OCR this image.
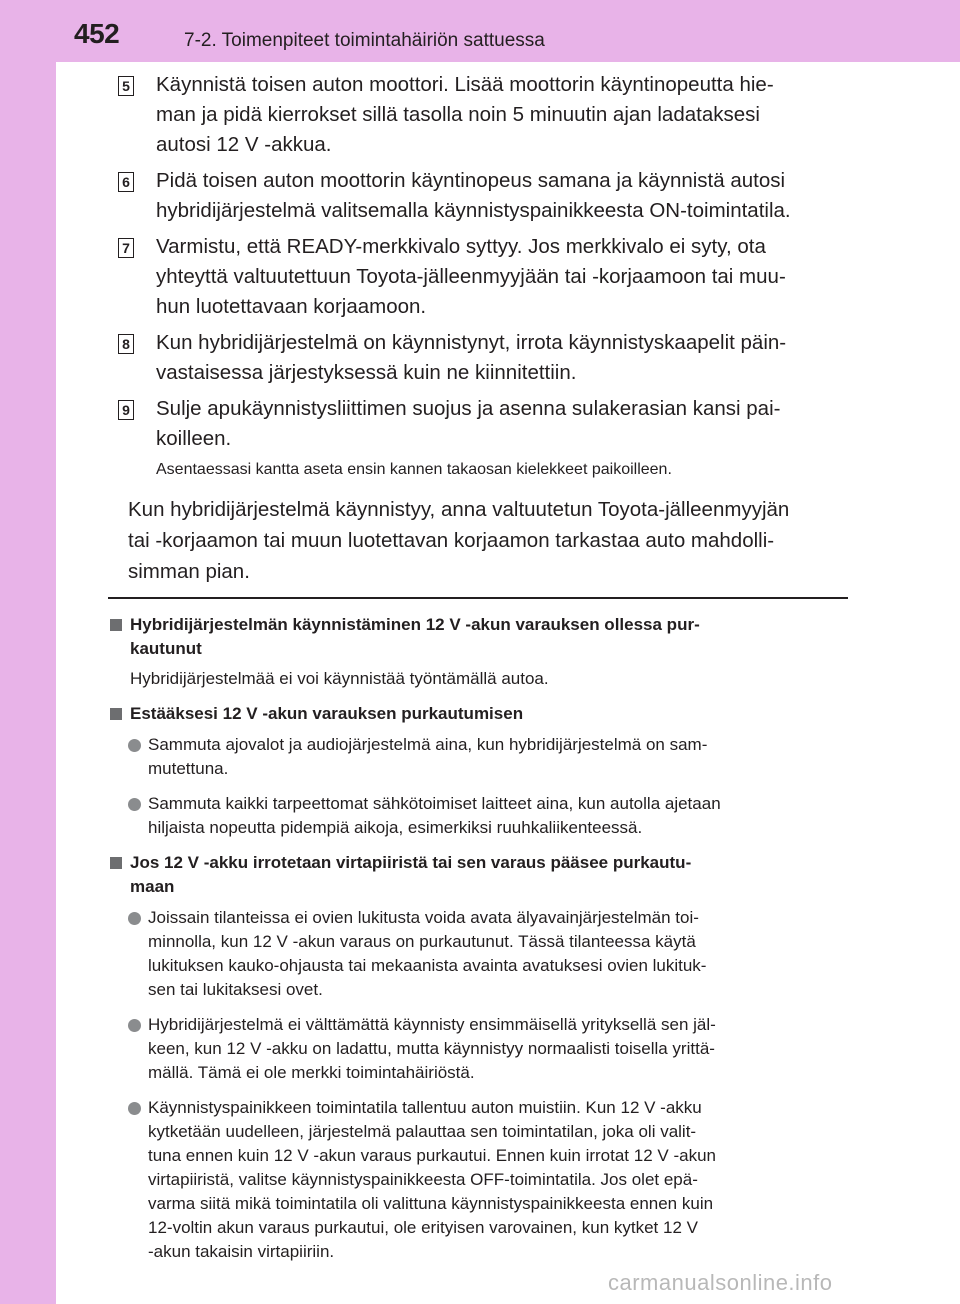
452	7-2. Toimenpiteet toimintahäiriön sattuessa
5 Käynnistä toisen auton moottori. Lisää moottorin käyntinopeutta hie-
man ja pidä kierrokset sillä tasolla noin 5 minuutin ajan ladataksesi
autosi 12 V -akkua.
6 Pidä toisen auton moottorin käyntinopeus samana ja käynnistä autosi
hybridijärjestelmä valitsemalla käynnistyspainikkeesta ON-toimintatila.
7 Varmistu, että READY-merkkivalo syttyy. Jos merkkivalo ei syty, ota
yhteyttä valtuutettuun Toyota-jälleenmyyjään tai -korjaamoon tai muu-
hun luotettavaan korjaamoon.
8 Kun hybridijärjestelmä on käynnistynyt, irrota käynnistyskaapelit päin-
vastaisessa järjestyksessä kuin ne kiinnitettiin.
9 Sulje apukäynnistysliittimen suojus ja asenna sulakerasian kansi pai-
koilleen.
Asentaessasi kantta aseta ensin kannen takaosan kielekkeet paikoilleen.
Kun hybridijärjestelmä käynnistyy, anna valtuutetun Toyota-jälleenmyyjän
tai -korjaamon tai muun luotettavan korjaamon tarkastaa auto mahdolli-
simman pian.
Hybridijärjestelmän käynnistäminen 12 V -akun varauksen ollessa pur-
kautunut
Hybridijärjestelmää ei voi käynnistää työntämällä autoa.
Estääksesi 12 V -akun varauksen purkautumisen
Sammuta ajovalot ja audiojärjestelmä aina, kun hybridijärjestelmä on sam-
mutettuna.
Sammuta kaikki tarpeettomat sähkötoimiset laitteet aina, kun autolla ajetaan
hiljaista nopeutta pidempiä aikoja, esimerkiksi ruuhkaliikenteessä.
Jos 12 V -akku irrotetaan virtapiiristä tai sen varaus pääsee purkautu-
maan
Joissain tilanteissa ei ovien lukitusta voida avata älyavainjärjestelmän toi-
minnolla, kun 12 V -akun varaus on purkautunut. Tässä tilanteessa käytä
lukituksen kauko-ohjausta tai mekaanista avainta avatuksesi ovien lukituk-
sen tai lukitaksesi ovet.
Hybridijärjestelmä ei välttämättä käynnisty ensimmäisellä yrityksellä sen jäl-
keen, kun 12 V -akku on ladattu, mutta käynnistyy normaalisti toisella yrittä-
mällä. Tämä ei ole merkki toimintahäiriöstä.
Käynnistyspainikkeen toimintatila tallentuu auton muistiin. Kun 12 V -akku
kytketään uudelleen, järjestelmä palauttaa sen toimintatilan, joka oli valit-
tuna ennen kuin 12 V -akun varaus purkautui. Ennen kuin irrotat 12 V -akun
virtapiiristä, valitse käynnistyspainikkeesta OFF-toimintatila. Jos olet epä-
varma siitä mikä toimintatila oli valittuna käynnistyspainikkeesta ennen kuin
12-voltin akun varaus purkautui, ole erityisen varovainen, kun kytket 12 V
-akun takaisin virtapiiriin.
carmanualsonline.info
